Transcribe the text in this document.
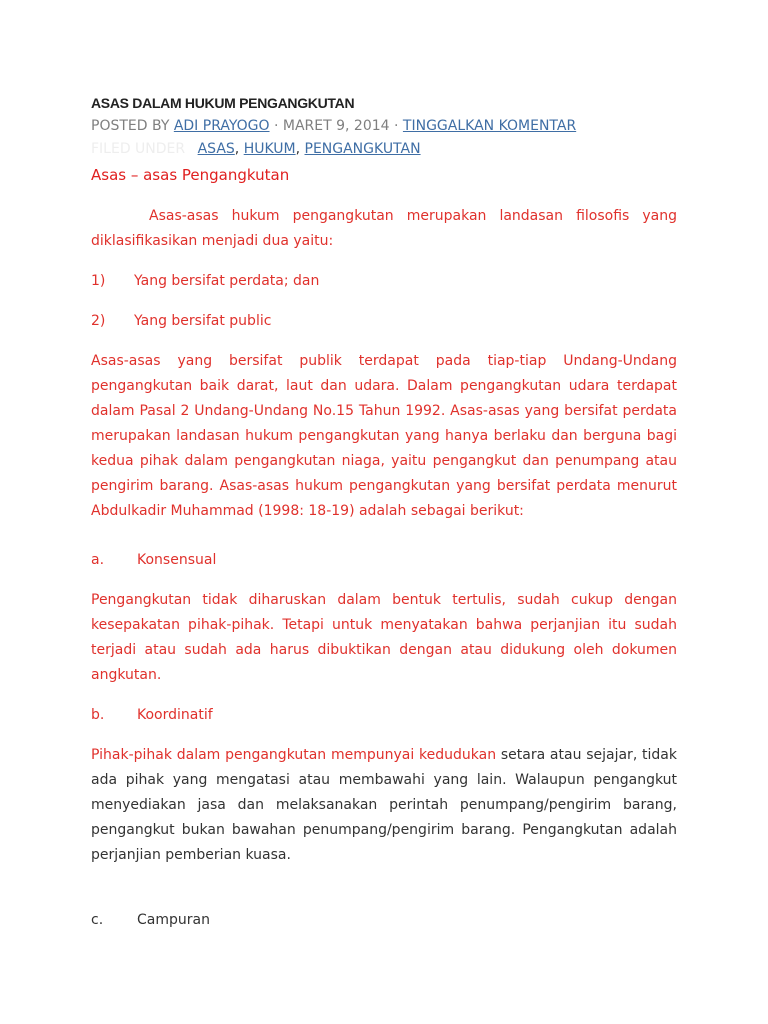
ASAS DALAM HUKUM PENGANGKUTAN
POSTED BY ADI PRAYOGO · MARET 9, 2014 · TINGGALKAN KOMENTAR
FILED UNDER ASAS, HUKUM, PENGANGKUTAN
Asas – asas Pengangkutan
Asas-asas hukum pengangkutan merupakan landasan filosofis yang diklasifikasikan menjadi dua yaitu:
1) Yang bersifat perdata; dan
2) Yang bersifat public
Asas-asas yang bersifat publik terdapat pada tiap-tiap Undang-Undang pengangkutan baik darat, laut dan udara. Dalam pengangkutan udara terdapat dalam Pasal 2 Undang-Undang No.15 Tahun 1992. Asas-asas yang bersifat perdata merupakan landasan hukum pengangkutan yang hanya berlaku dan berguna bagi kedua pihak dalam pengangkutan niaga, yaitu pengangkut dan penumpang atau pengirim barang. Asas-asas hukum pengangkutan yang bersifat perdata menurut Abdulkadir Muhammad (1998: 18-19) adalah sebagai berikut:
a. Konsensual
Pengangkutan tidak diharuskan dalam bentuk tertulis, sudah cukup dengan kesepakatan pihak-pihak. Tetapi untuk menyatakan bahwa perjanjian itu sudah terjadi atau sudah ada harus dibuktikan dengan atau didukung oleh dokumen angkutan.
b. Koordinatif
Pihak-pihak dalam pengangkutan mempunyai kedudukan setara atau sejajar, tidak ada pihak yang mengatasi atau membawahi yang lain. Walaupun pengangkut menyediakan jasa dan melaksanakan perintah penumpang/pengirim barang, pengangkut bukan bawahan penumpang/pengirim barang. Pengangkutan adalah perjanjian pemberian kuasa.
c. Campuran
